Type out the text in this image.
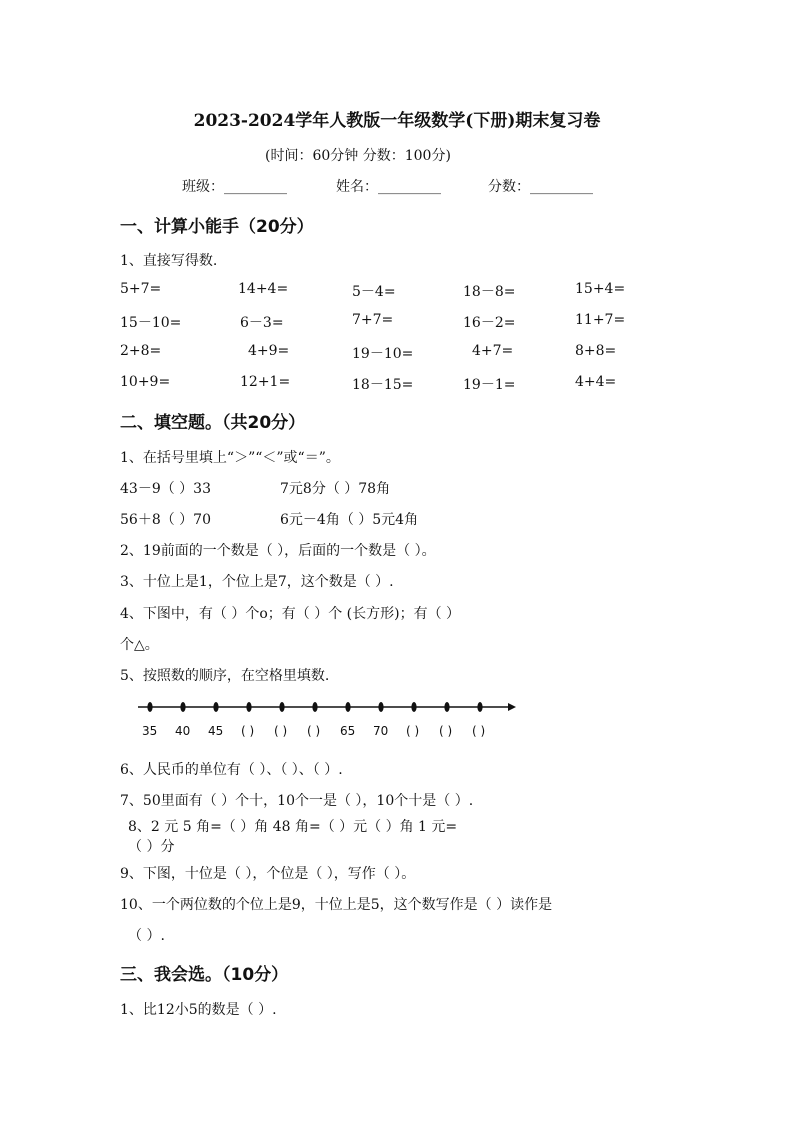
2023-2024学年人教版一年级数学(下册)期末复习卷
(时间：60分钟 分数：100分)
班级：_________	姓名：_________	分数：_________
一、计算小能手（20分）
1、直接写得数.
5+7=	14+4=	5－4=	18－8=	15+4=
15－10=	6－3=	7+7=	16－2=	11+7=
2+8=	4+9=	19－10=	4+7=	8+8=
10+9=	12+1=	18－15=	19－1=	4+4=
二、填空题。（共20分）
1、在括号里填上“＞”“＜”或“＝”。
43－9（ ）33	7元8分（ ）78角
56＋8（ ）70	6元－4角（ ）5元4角
2、19前面的一个数是（ ），后面的一个数是（ ）。
3、十位上是1，个位上是7，这个数是（ ）.
4、下图中，有（ ）个o；有（ ）个 (长方形)；有（ ）
个△。
5、按照数的顺序，在空格里填数.
35 40 45 ( ) ( ) ( ) 65 70 ( ) ( ) ( )
6、人民币的单位有（ ）、（ ）、（ ）.
7、50里面有（ ）个十，10个一是（ ），10个十是（ ）.
8、2 元 5 角=（ ）角 48 角=（ ）元（ ）角 1 元=
（ ）分
9、下图，十位是（ ），个位是（ ），写作（ ）。
10、一个两位数的个位上是9，十位上是5，这个数写作是（ ）读作是
（ ）.
三、我会选。（10分）
1、比12小5的数是（ ）.
